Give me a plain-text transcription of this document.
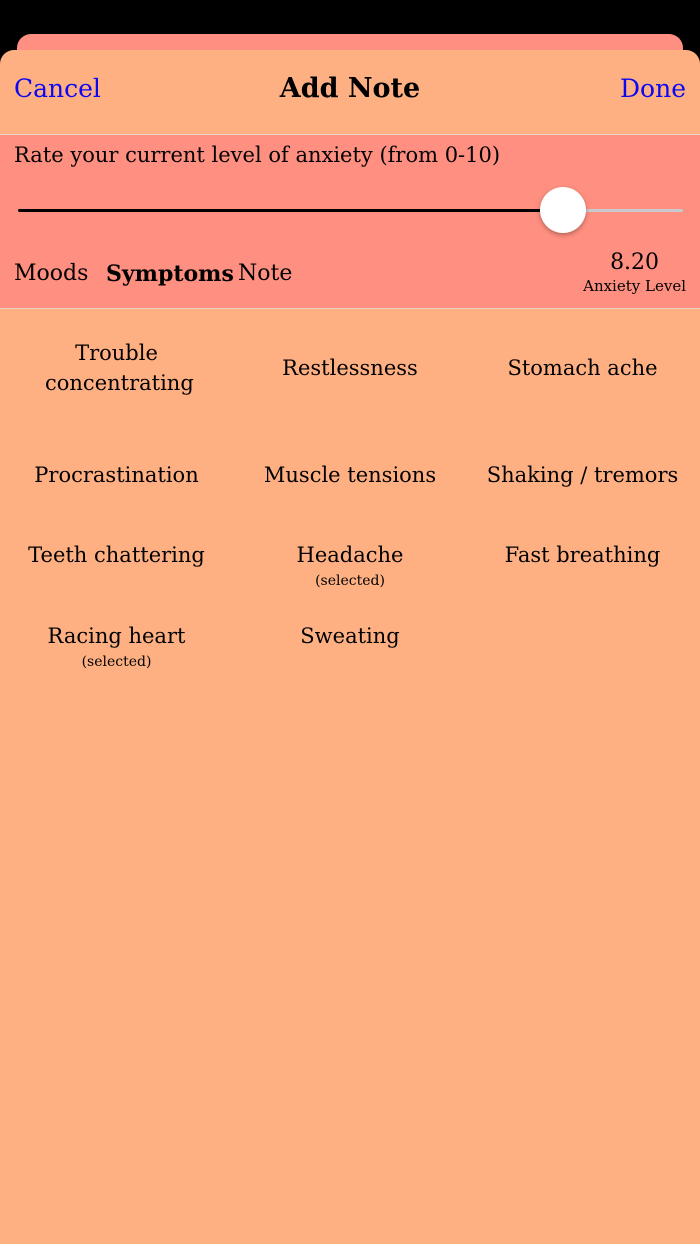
Cancel	Add Note	Done
Rate your current level of anxiety (from 0-10)
Moods Symptoms Note	8.20
Anxiety Level
Trouble concentrating
Restlessness	Stomach ache
Procrastination	Muscle tensions	Shaking / tremors
Teeth chattering	Headache
(selected)
Fast breathing
Racing heart
(selected)
Sweating
